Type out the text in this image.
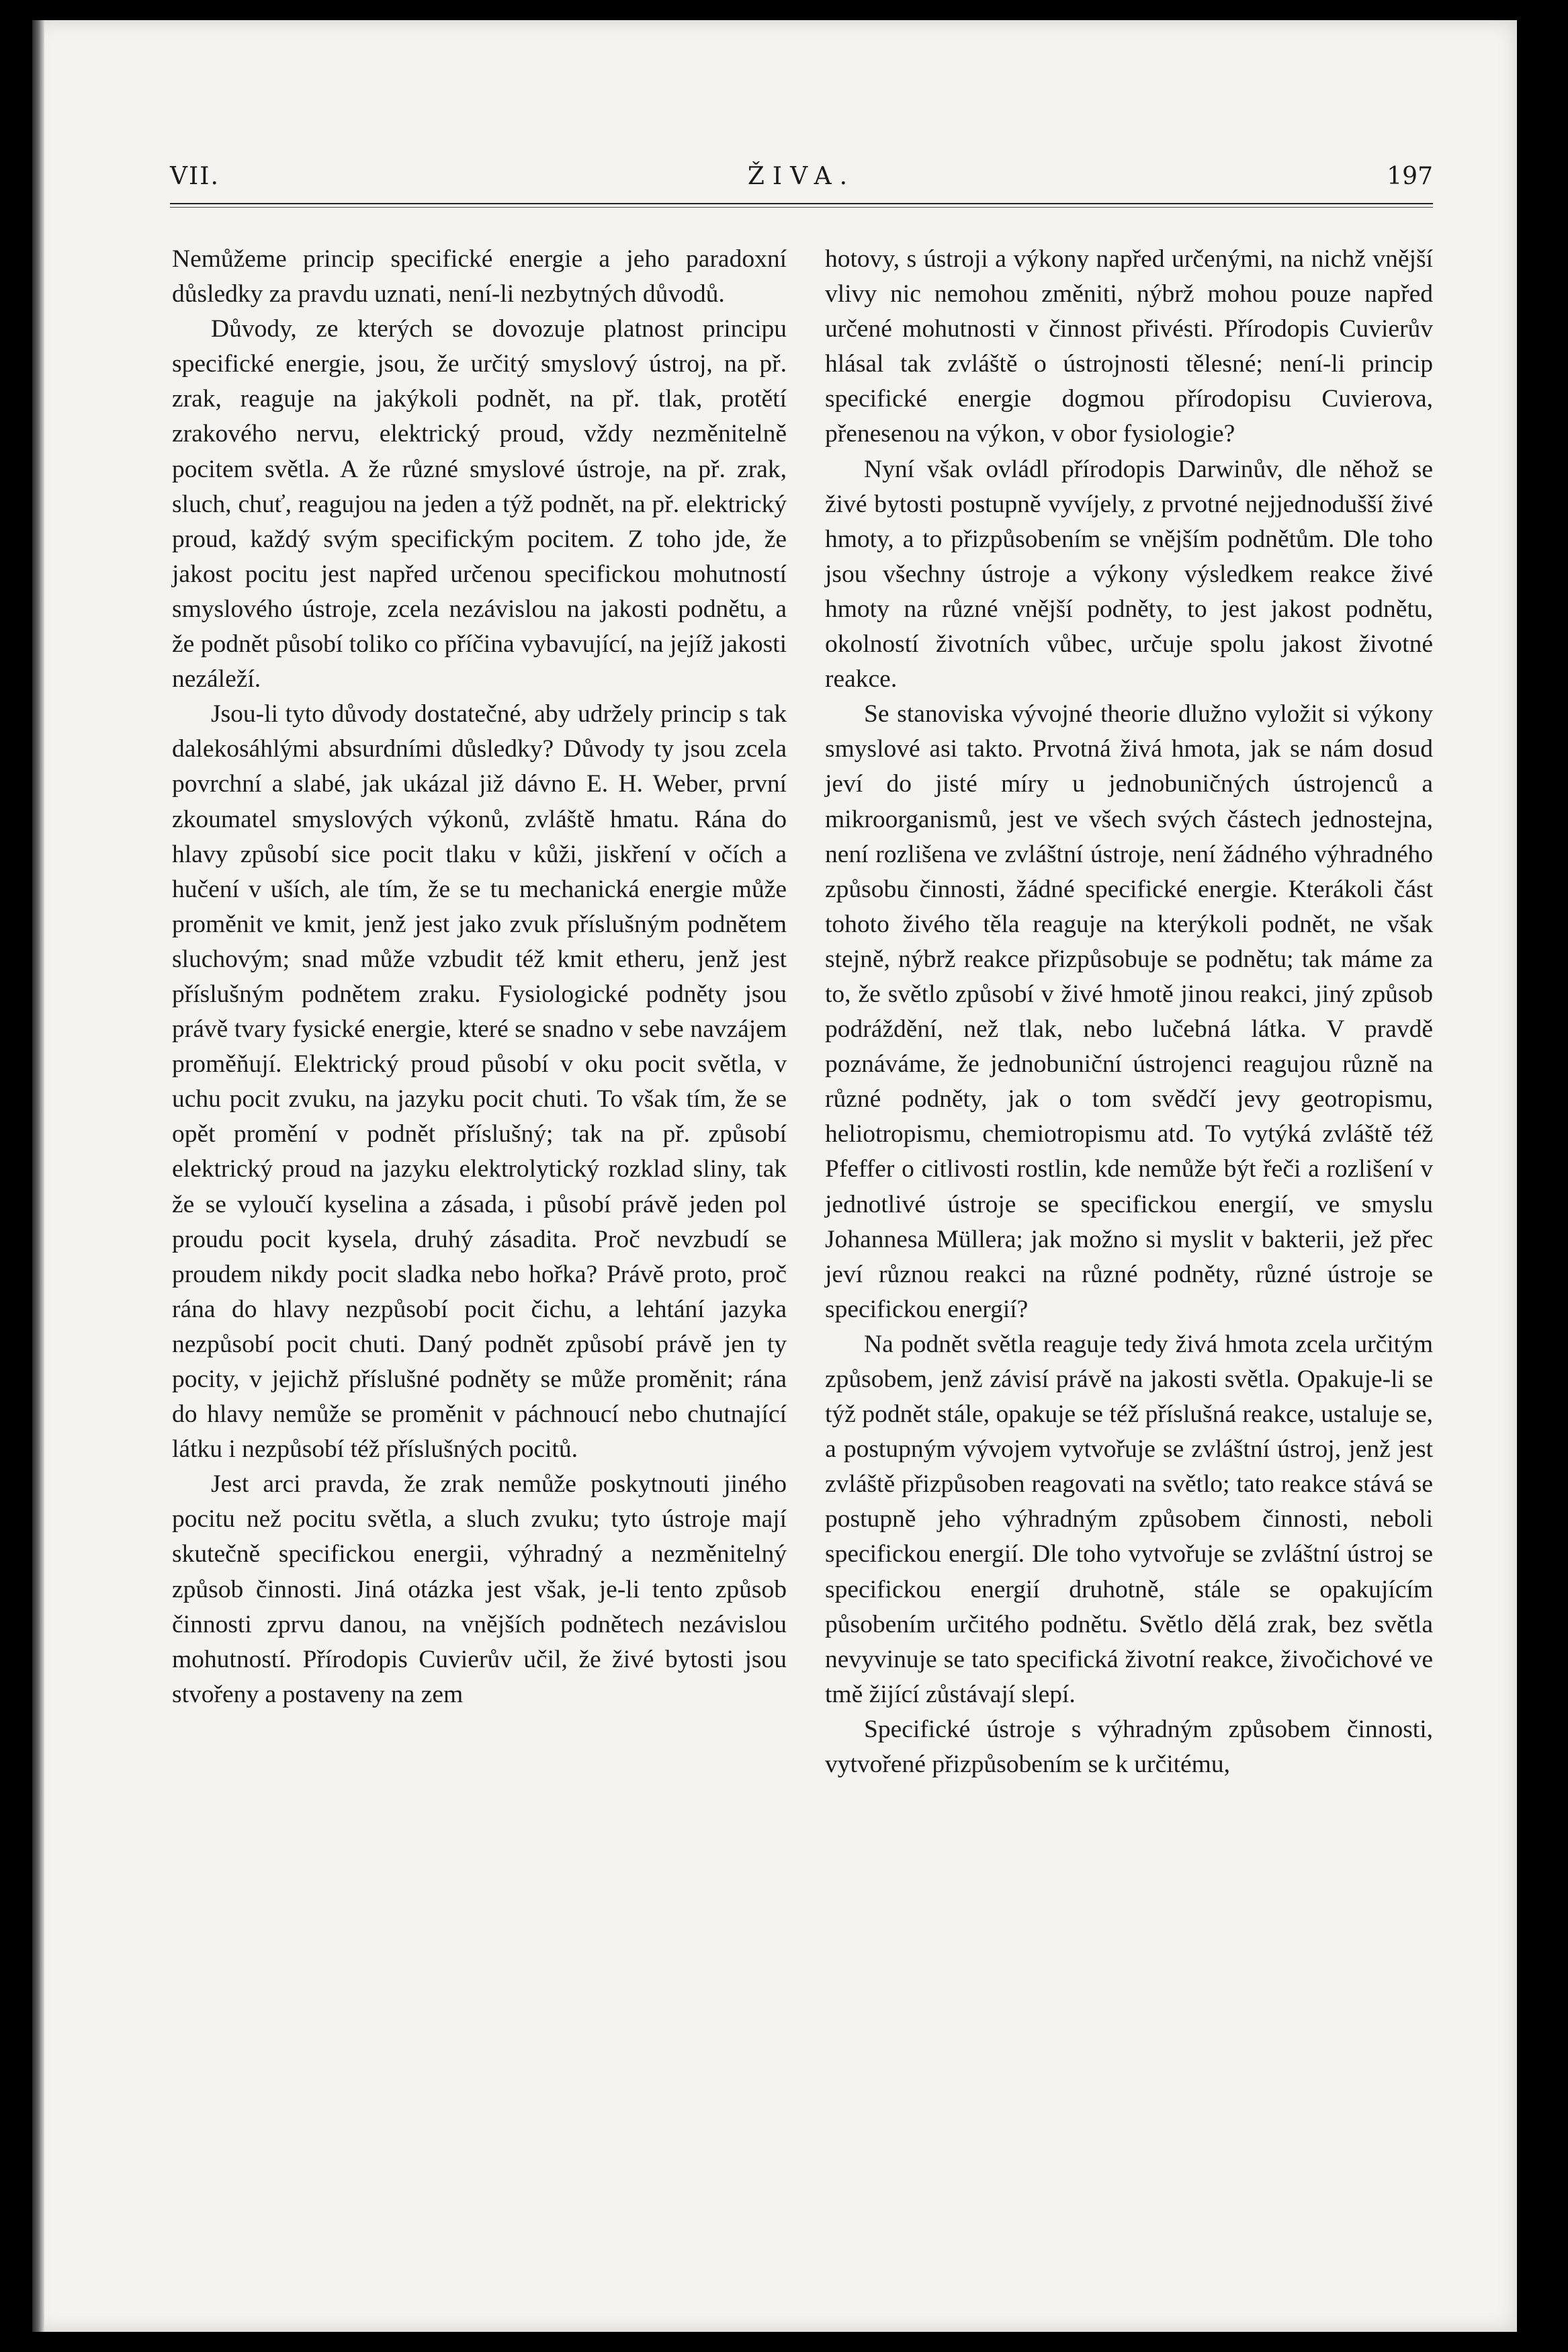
VII.	ŽIVA.	197

Nemůžeme princip specifické energie a jeho paradoxní důsledky za pravdu uznati, není-li nezbytných důvodů.

Důvody, ze kterých se dovozuje platnost principu specifické energie, jsou, že určitý smyslový ústroj, na př. zrak, reaguje na jakýkoli podnět, na př. tlak, protětí zrakového nervu, elektrický proud, vždy nezměnitelně pocitem světla. A že různé smyslové ústroje, na př. zrak, sluch, chuť, reagujou na jeden a týž podnět, na př. elektrický proud, každý svým specifickým pocitem. Z toho jde, že jakost pocitu jest napřed určenou specifickou mohutností smyslového ústroje, zcela nezávislou na jakosti podnětu, a že podnět působí toliko co příčina vybavující, na jejíž jakosti nezáleží.

Jsou-li tyto důvody dostatečné, aby udržely princip s tak dalekosáhlými absurdními důsledky? Důvody ty jsou zcela povrchní a slabé, jak ukázal již dávno E. H. Weber, první zkoumatel smyslových výkonů, zvláště hmatu. Rána do hlavy způsobí sice pocit tlaku v kůži, jiskření v očích a hučení v uších, ale tím, že se tu mechanická energie může proměnit ve kmit, jenž jest jako zvuk příslušným podnětem sluchovým; snad může vzbudit též kmit etheru, jenž jest příslušným podnětem zraku. Fysiologické podněty jsou právě tvary fysické energie, které se snadno v sebe navzájem proměňují. Elektrický proud působí v oku pocit světla, v uchu pocit zvuku, na jazyku pocit chuti. To však tím, že se opět promění v podnět příslušný; tak na př. způsobí elektrický proud na jazyku elektrolytický rozklad sliny, tak že se vyloučí kyselina a zásada, i působí právě jeden pol proudu pocit kysela, druhý zásadita. Proč nevzbudí se proudem nikdy pocit sladka nebo hořka? Právě proto, proč rána do hlavy nezpůsobí pocit čichu, a lehtání jazyka nezpůsobí pocit chuti. Daný podnět způsobí právě jen ty pocity, v jejichž příslušné podněty se může proměnit; rána do hlavy nemůže se proměnit v páchnoucí nebo chutnající látku i nezpůsobí též příslušných pocitů.

Jest arci pravda, že zrak nemůže poskytnouti jiného pocitu než pocitu světla, a sluch zvuku; tyto ústroje mají skutečně specifickou energii, výhradný a nezměnitelný způsob činnosti. Jiná otázka jest však, je-li tento způsob činnosti zprvu danou, na vnějších podnětech nezávislou mohutností. Přírodopis Cuvierův učil, že živé bytosti jsou stvořeny a postaveny na zem

hotovy, s ústroji a výkony napřed určenými, na nichž vnější vlivy nic nemohou změniti, nýbrž mohou pouze napřed určené mohutnosti v činnost přivésti. Přírodopis Cuvierův hlásal tak zvláště o ústrojnosti tělesné; není-li princip specifické energie dogmou přírodopisu Cuvierova, přenesenou na výkon, v obor fysiologie?

Nyní však ovládl přírodopis Darwinův, dle něhož se živé bytosti postupně vyvíjely, z prvotné nejjednodušší živé hmoty, a to přizpůsobením se vnějším podnětům. Dle toho jsou všechny ústroje a výkony výsledkem reakce živé hmoty na různé vnější podněty, to jest jakost podnětu, okolností životních vůbec, určuje spolu jakost životné reakce.

Se stanoviska vývojné theorie dlužno vyložit si výkony smyslové asi takto. Prvotná živá hmota, jak se nám dosud jeví do jisté míry u jednobuničných ústrojenců a mikroorganismů, jest ve všech svých částech jednostejna, není rozlišena ve zvláštní ústroje, není žádného výhradného způsobu činnosti, žádné specifické energie. Kterákoli část tohoto živého těla reaguje na kterýkoli podnět, ne však stejně, nýbrž reakce přizpůsobuje se podnětu; tak máme za to, že světlo způsobí v živé hmotě jinou reakci, jiný způsob podráždění, než tlak, nebo lučebná látka. V pravdě poznáváme, že jednobuniční ústrojenci reagujou různě na různé podněty, jak o tom svědčí jevy geotropismu, heliotropismu, chemiotropismu atd. To vytýká zvláště též Pfeffer o citlivosti rostlin, kde nemůže být řeči a rozlišení v jednotlivé ústroje se specifickou energií, ve smyslu Johannesa Müllera; jak možno si myslit v bakterii, jež přec jeví různou reakci na různé podněty, různé ústroje se specifickou energií?

Na podnět světla reaguje tedy živá hmota zcela určitým způsobem, jenž závisí právě na jakosti světla. Opakuje-li se týž podnět stále, opakuje se též příslušná reakce, ustaluje se, a postupným vývojem vytvořuje se zvláštní ústroj, jenž jest zvláště přizpůsoben reagovati na světlo; tato reakce stává se postupně jeho výhradným způsobem činnosti, neboli specifickou energií. Dle toho vytvořuje se zvláštní ústroj se specifickou energií druhotně, stále se opakujícím působením určitého podnětu. Světlo dělá zrak, bez světla nevyvinuje se tato specifická životní reakce, živočichové ve tmě žijící zůstávají slepí.

Specifické ústroje s výhradným způsobem činnosti, vytvořené přizpůsobením se k určitému,
